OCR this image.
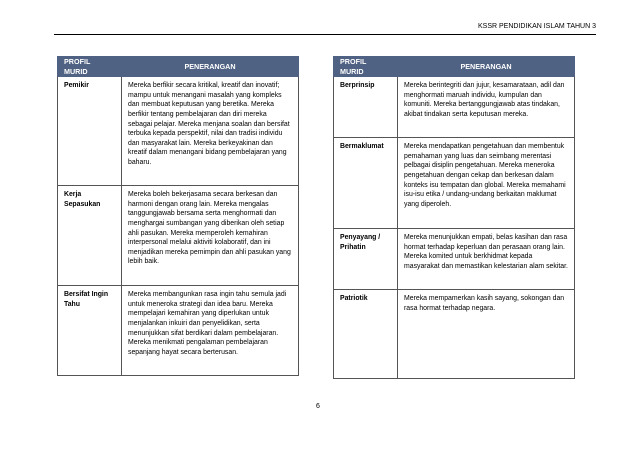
KSSR PENDIDIKAN ISLAM TAHUN 3
PROFIL MURID	PENERANGAN
Pemikir	Mereka berfikir secara kritikal, kreatif dan inovatif; mampu untuk menangani masalah yang kompleks dan membuat keputusan yang beretika. Mereka berfikir tentang pembelajaran dan diri mereka sebagai pelajar. Mereka menjana soalan dan bersifat terbuka kepada perspektif, nilai dan tradisi individu dan masyarakat lain. Mereka berkeyakinan dan kreatif dalam menangani bidang pembelajaran yang baharu.
Kerja Sepasukan	Mereka boleh bekerjasama secara berkesan dan harmoni dengan orang lain. Mereka mengalas tanggungjawab bersama serta menghormati dan menghargai sumbangan yang diberikan oleh setiap ahli pasukan. Mereka memperoleh kemahiran interpersonal melalui aktiviti kolaboratif, dan ini menjadikan mereka pemimpin dan ahli pasukan yang lebih baik.
Bersifat Ingin Tahu	Mereka membangunkan rasa ingin tahu semula jadi untuk meneroka strategi dan idea baru. Mereka mempelajari kemahiran yang diperlukan untuk menjalankan inkuiri dan penyelidikan, serta menunjukkan sifat berdikari dalam pembelajaran. Mereka menikmati pengalaman pembelajaran sepanjang hayat secara berterusan.
PROFIL MURID	PENERANGAN
Berprinsip	Mereka berintegriti dan jujur, kesamarataan, adil dan menghormati maruah individu, kumpulan dan komuniti. Mereka bertanggungjawab atas tindakan, akibat tindakan serta keputusan mereka.
Bermaklumat	Mereka mendapatkan pengetahuan dan membentuk pemahaman yang luas dan seimbang merentasi pelbagai disiplin pengetahuan. Mereka meneroka pengetahuan dengan cekap dan berkesan dalam konteks isu tempatan dan global. Mereka memahami isu-isu etika / undang-undang berkaitan maklumat yang diperoleh.
Penyayang / Prihatin	Mereka menunjukkan empati, belas kasihan dan rasa hormat terhadap keperluan dan perasaan orang lain. Mereka komited untuk berkhidmat kepada masyarakat dan memastikan kelestarian alam sekitar.
Patriotik	Mereka mempamerkan kasih sayang, sokongan dan rasa hormat terhadap negara.
6
